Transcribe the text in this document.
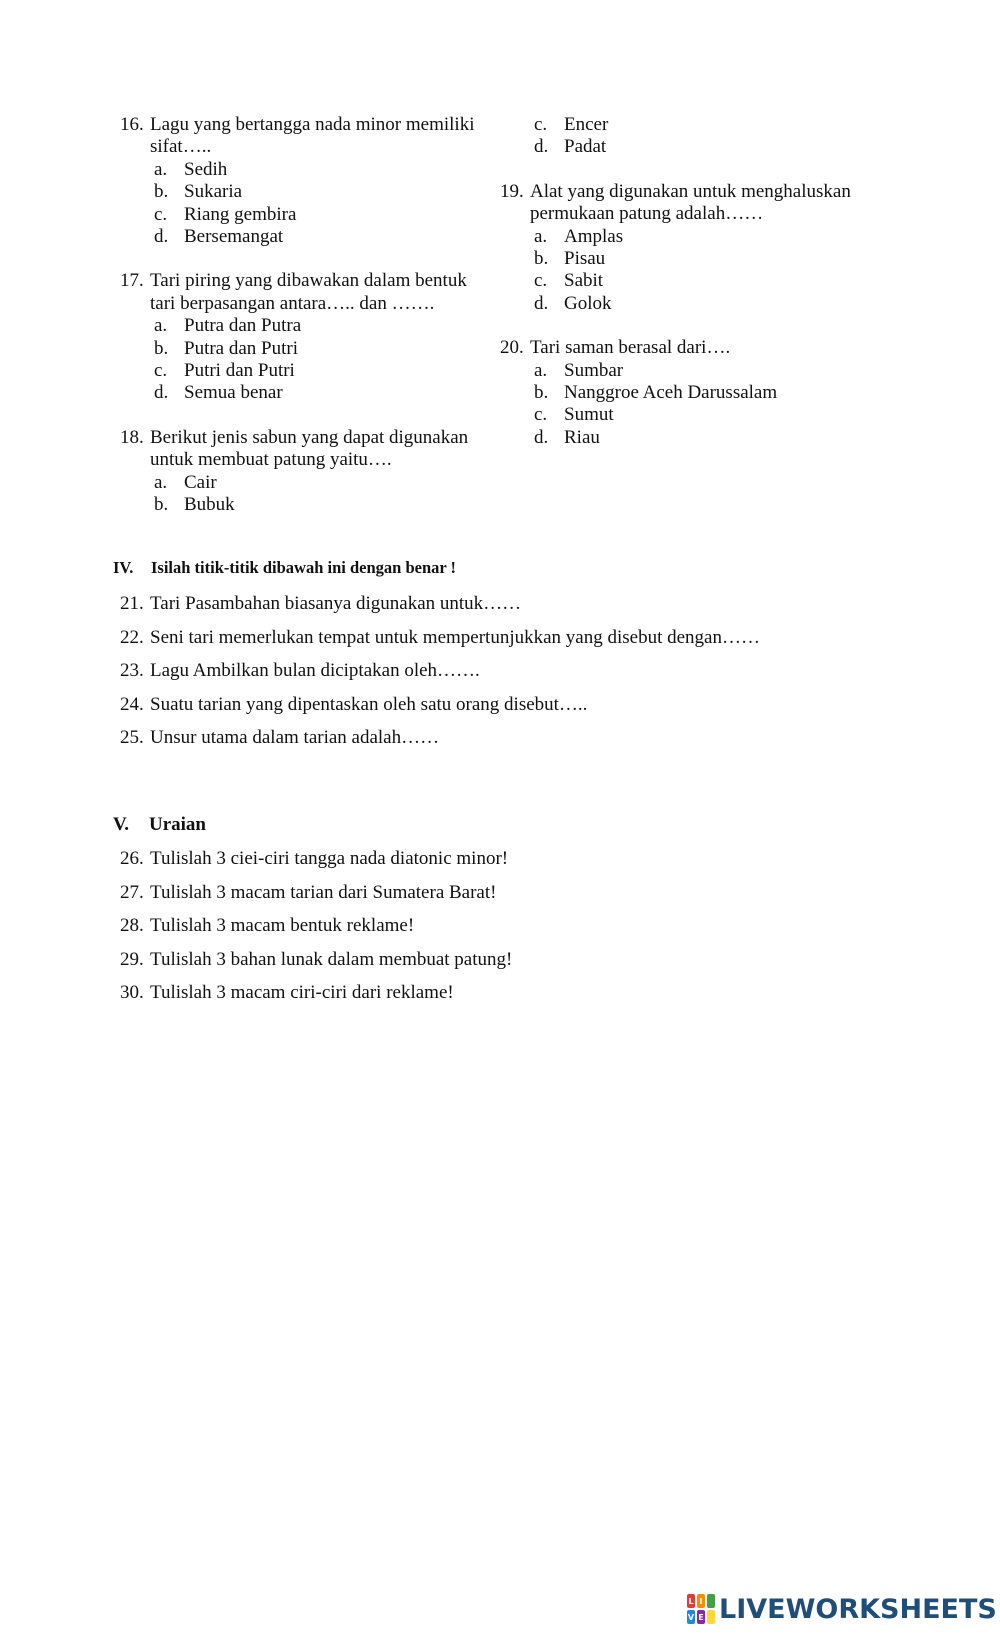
16. Lagu yang bertangga nada minor memiliki sifat…..
a. Sedih
b. Sukaria
c. Riang gembira
d. Bersemangat
17. Tari piring yang dibawakan dalam bentuk tari berpasangan antara….. dan …….
a. Putra dan Putra
b. Putra dan Putri
c. Putri dan Putri
d. Semua benar
18. Berikut jenis sabun yang dapat digunakan untuk membuat patung yaitu….
a. Cair
b. Bubuk
c. Encer
d. Padat
19. Alat yang digunakan untuk menghaluskan permukaan patung adalah……
a. Amplas
b. Pisau
c. Sabit
d. Golok
20. Tari saman berasal dari….
a. Sumbar
b. Nanggroe Aceh Darussalam
c. Sumut
d. Riau
IV. Isilah titik-titik dibawah ini dengan benar !
21. Tari Pasambahan biasanya digunakan untuk……
22. Seni tari memerlukan tempat untuk mempertunjukkan yang disebut dengan……
23. Lagu Ambilkan bulan diciptakan oleh…….
24. Suatu tarian yang dipentaskan oleh satu orang disebut…..
25. Unsur utama dalam tarian adalah……
V. Uraian
26. Tulislah 3 ciei-ciri tangga nada diatonic minor!
27. Tulislah 3 macam tarian dari Sumatera Barat!
28. Tulislah 3 macam bentuk reklame!
29. Tulislah 3 bahan lunak dalam membuat patung!
30. Tulislah 3 macam ciri-ciri dari reklame!
L I
V E LIVEWORKSHEETS
